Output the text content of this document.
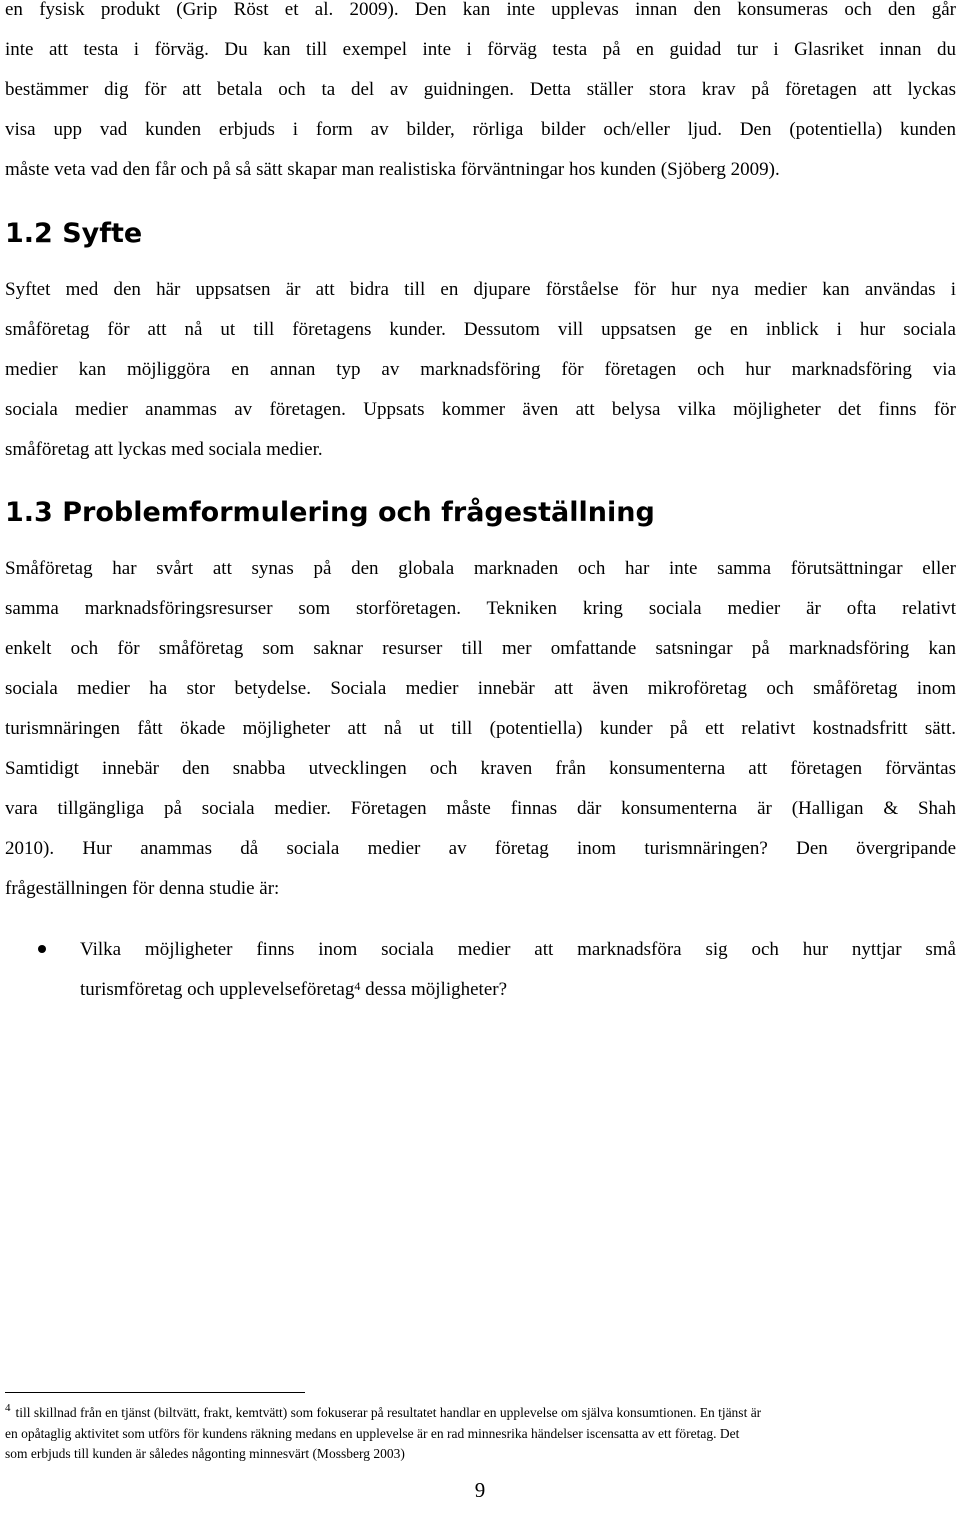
en fysisk produkt (Grip Röst et al. 2009). Den kan inte upplevas innan den konsumeras och den går
inte att testa i förväg. Du kan till exempel inte i förväg testa på en guidad tur i Glasriket innan du
bestämmer dig för att betala och ta del av guidningen. Detta ställer stora krav på företagen att lyckas
visa upp vad kunden erbjuds i form av bilder, rörliga bilder och/eller ljud. Den (potentiella) kunden
måste veta vad den får och på så sätt skapar man realistiska förväntningar hos kunden (Sjöberg 2009).
1.2 Syfte
Syftet med den här uppsatsen är att bidra till en djupare förståelse för hur nya medier kan användas i
småföretag för att nå ut till företagens kunder. Dessutom vill uppsatsen ge en inblick i hur sociala
medier kan möjliggöra en annan typ av marknadsföring för företagen och hur marknadsföring via
sociala medier anammas av företagen. Uppsats kommer även att belysa vilka möjligheter det finns för
småföretag att lyckas med sociala medier.
1.3 Problemformulering och frågeställning
Småföretag har svårt att synas på den globala marknaden och har inte samma förutsättningar eller
samma marknadsföringsresurser som storföretagen. Tekniken kring sociala medier är ofta relativt
enkelt och för småföretag som saknar resurser till mer omfattande satsningar på marknadsföring kan
sociala medier ha stor betydelse. Sociala medier innebär att även mikroföretag och småföretag inom
turismnäringen fått ökade möjligheter att nå ut till (potentiella) kunder på ett relativt kostnadsfritt sätt.
Samtidigt innebär den snabba utvecklingen och kraven från konsumenterna att företagen förväntas
vara tillgängliga på sociala medier. Företagen måste finnas där konsumenterna är (Halligan & Shah
2010). Hur anammas då sociala medier av företag inom turismnäringen? Den övergripande
frågeställningen för denna studie är:
Vilka möjligheter finns inom sociala medier att marknadsföra sig och hur nyttjar små
turismföretag och upplevelseföretag$^4$ dessa möjligheter?
$^4$ till skillnad från en tjänst (biltvätt, frakt, kemtvätt) som fokuserar på resultatet handlar en upplevelse om själva konsumtionen. En tjänst är
en opåtaglig aktivitet som utförs för kundens räkning medans en upplevelse är en rad minnesrika händelser iscensatta av ett företag. Det
som erbjuds till kunden är således någonting minnesvärt (Mossberg 2003)
9
